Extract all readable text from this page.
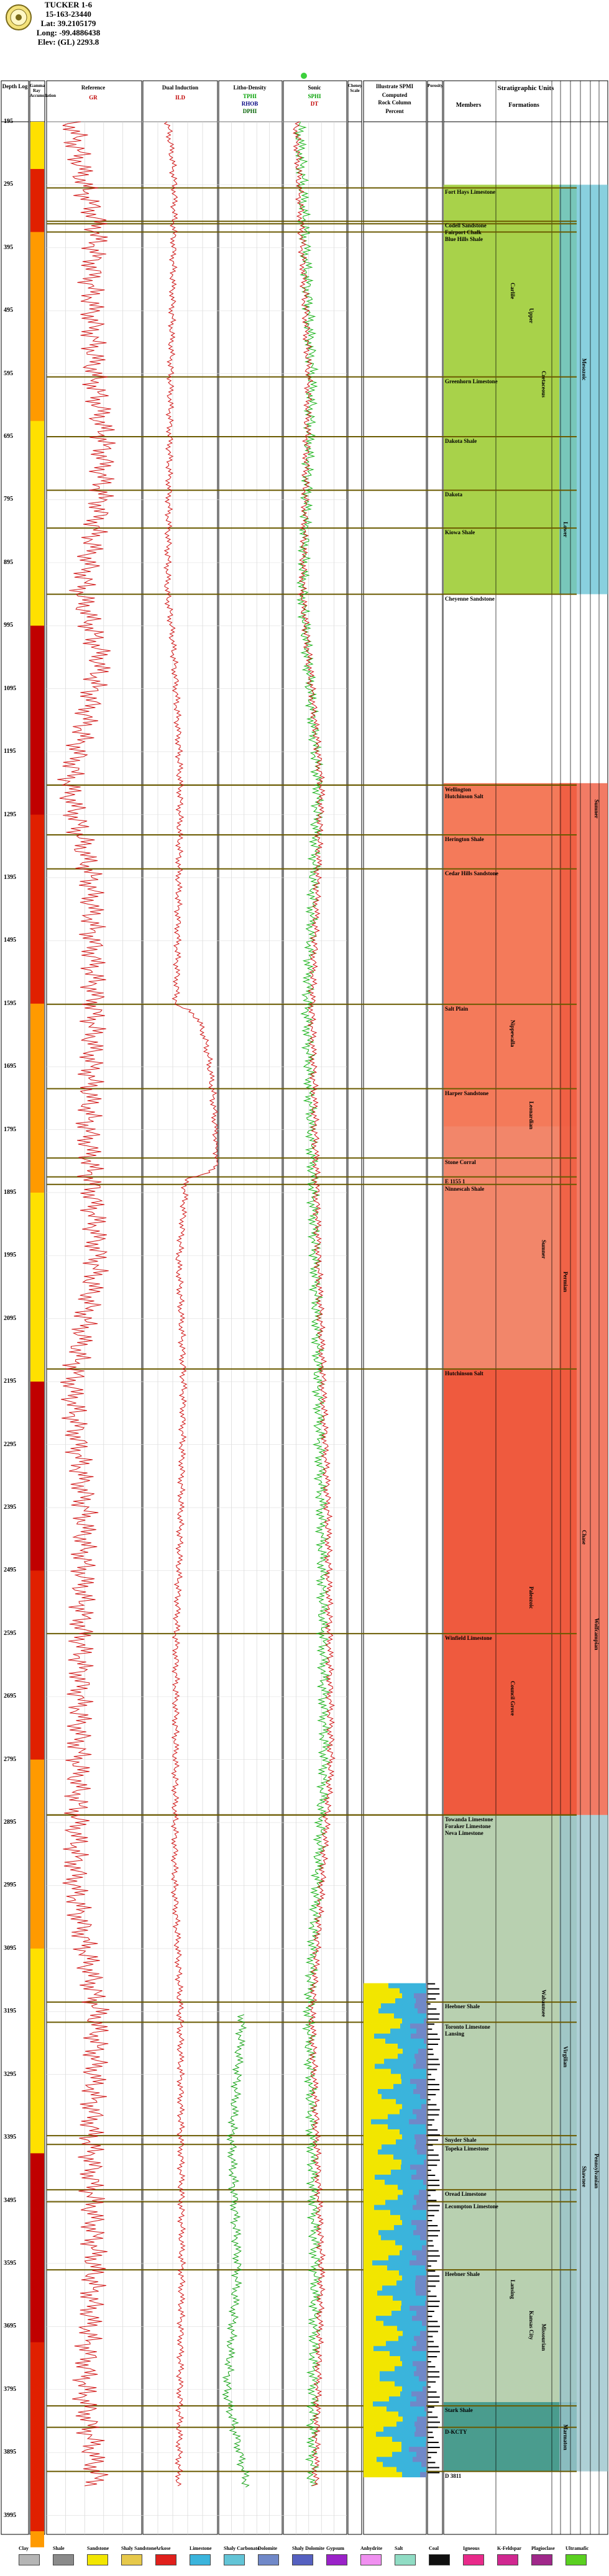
TUCKER 1-6
15-163-23440
Lat: 39.2105179
Long: -99.4886438
Elev: (GL) 2293.8
Depth Log Gamma Ray Accumulation
Reference
GR
Dual Induction
ILD
Litho-Density
TPHI
RHOB
DPHI
Sonic
SPHI
DT
Cheney Scale
Illustrate SPMI
Computed
Rock Column
Percent
Porosity	Stratigraphic Units
Members	Formations
195
295
395
495
595
695
795
895
995
1095
1195
1295
1395
1495
1595
1695
1795
1895
1995
2095
2195
2295
2395
2495
2595
2695
2795
2895
2995
3095
3195
3295
3395
3495
3595
3695
3795
3895
3995
Fort Hays Limestone
Codell Sandstone
Fairport Chalk
Blue Hills Shale
Greenhorn Limestone
Dakota Shale
Dakota
Kiowa Shale
Cheyenne Sandstone
Wellington
Hutchinson Salt
Herington Shale
Cedar Hills Sandstone
Salt Plain
Harper Sandstone
Stone Corral
E 1155 1
Ninnescah Shale
Hutchinson Salt
Winfield Limestone
Towanda Limestone
Foraker Limestone
Neva Limestone
Heebner Shale
Toronto Limestone
Lansing
Snyder Shale
Topeka Limestone
Oread Limestone
Lecompton Limestone
Heebner Shale
Stark Shale
D-KCTY
D 3811
Carlile
Upper
Cretaceous
Lower
Mesozoic
Sumner
Nippewalla
Leonardian
Sumner
Permian
Chase
Wolfcampian
Council Grove
Paleozoic
Wabaunsee
Virgilian
Shawnee Pennsylvanian
Lansing
Kansas City Missourian
Marmaton
Clay	Shale	Sandstone Shaly Sandstone
Arkose	Limestone Shaly Carbonate
Dolomite	Shaly Dolomite Gypsum	Anhydrite Salt	Coal	Igneous	K-Feldspar Plagioclase Ultramafic
